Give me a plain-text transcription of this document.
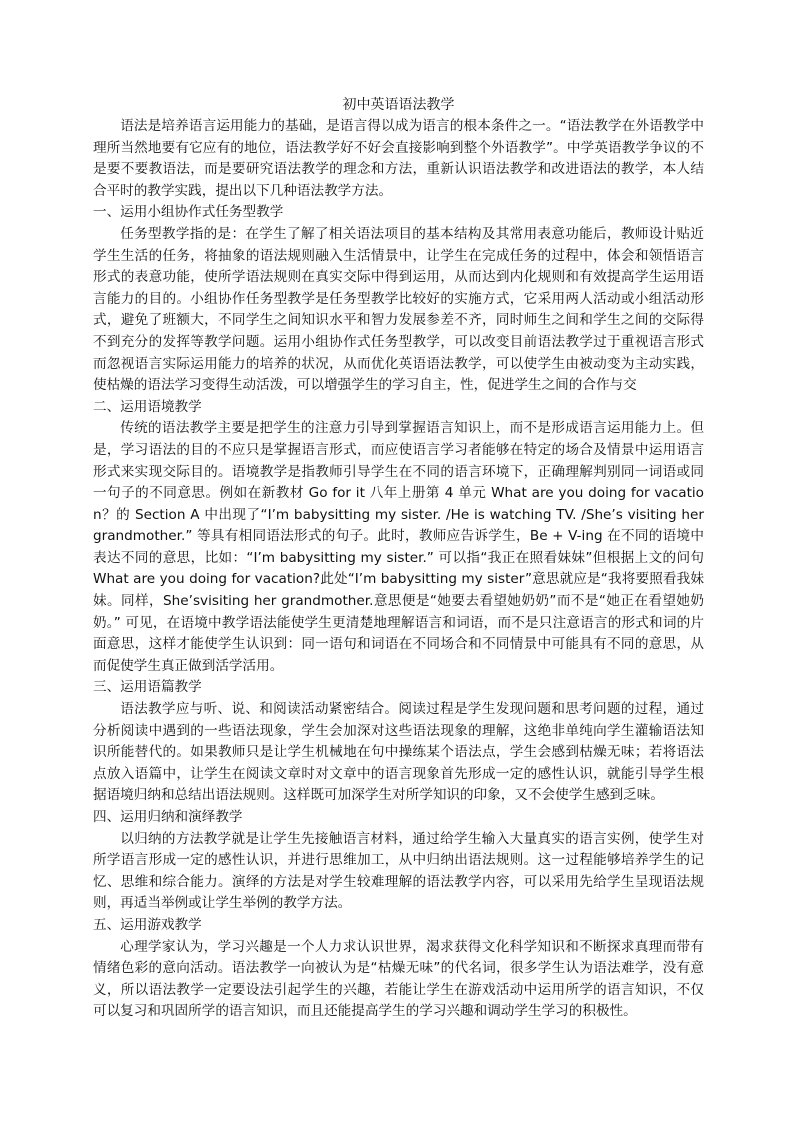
初中英语语法教学

语法是培养语言运用能力的基础，是语言得以成为语言的根本条件之一。“语法教学在外语教学中理所当然地要有它应有的地位，语法教学好不好会直接影响到整个外语教学”。中学英语教学争议的不是要不要教语法，而是要研究语法教学的理念和方法，重新认识语法教学和改进语法的教学，本人结合平时的教学实践，提出以下几种语法教学方法。

一、运用小组协作式任务型教学

任务型教学指的是：在学生了解了相关语法项目的基本结构及其常用表意功能后，教师设计贴近学生生活的任务，将抽象的语法规则融入生活情景中，让学生在完成任务的过程中，体会和领悟语言形式的表意功能，使所学语法规则在真实交际中得到运用，从而达到内化规则和有效提高学生运用语言能力的目的。小组协作任务型教学是任务型教学比较好的实施方式，它采用两人活动或小组活动形式，避免了班额大，不同学生之间知识水平和智力发展参差不齐，同时师生之间和学生之间的交际得不到充分的发挥等教学问题。运用小组协作式任务型教学，可以改变目前语法教学过于重视语言形式而忽视语言实际运用能力的培养的状况，从而优化英语语法教学，可以使学生由被动变为主动实践，使枯燥的语法学习变得生动活泼，可以增强学生的学习自主，性，促进学生之间的合作与交

二、运用语境教学

传统的语法教学主要是把学生的注意力引导到掌握语言知识上，而不是形成语言运用能力上。但是，学习语法的目的不应只是掌握语言形式，而应使语言学习者能够在特定的场合及情景中运用语言形式来实现交际目的。语境教学是指教师引导学生在不同的语言环境下，正确理解判别同一词语或同一句子的不同意思。例如在新教材 Go for it 八年上册第 4 单元 What are you doing for vacation？的 Section A 中出现了“I’m babysitting my sister. /He is watching TV. /She’s visiting her grandmother.” 等具有相同语法形式的句子。此时，教师应告诉学生，Be + V-ing 在不同的语境中表达不同的意思，比如：“I’m babysitting my sister.” 可以指“我正在照看妹妹”但根据上文的问句 What are you doing for vacation?此处“I’m babysitting my sister”意思就应是“我将要照看我妹妹。同样，She’svisiting her grandmother.意思便是“她要去看望她奶奶”而不是“她正在看望她奶奶。” 可见，在语境中教学语法能使学生更清楚地理解语言和词语，而不是只注意语言的形式和词的片面意思，这样才能使学生认识到：同一语句和词语在不同场合和不同情景中可能具有不同的意思，从而促使学生真正做到活学活用。

三、运用语篇教学

语法教学应与听、说、和阅读活动紧密结合。阅读过程是学生发现问题和思考问题的过程，通过分析阅读中遇到的一些语法现象，学生会加深对这些语法现象的理解，这绝非单纯向学生灌输语法知识所能替代的。如果教师只是让学生机械地在句中操练某个语法点，学生会感到枯燥无味；若将语法点放入语篇中，让学生在阅读文章时对文章中的语言现象首先形成一定的感性认识，就能引导学生根据语境归纳和总结出语法规则。这样既可加深学生对所学知识的印象，又不会使学生感到乏味。

四、运用归纳和演绎教学

以归纳的方法教学就是让学生先接触语言材料，通过给学生输入大量真实的语言实例，使学生对所学语言形成一定的感性认识，并进行思维加工，从中归纳出语法规则。这一过程能够培养学生的记忆、思维和综合能力。演绎的方法是对学生较难理解的语法教学内容，可以采用先给学生呈现语法规则，再适当举例或让学生举例的教学方法。

五、运用游戏教学

心理学家认为，学习兴趣是一个人力求认识世界，渴求获得文化科学知识和不断探求真理而带有情绪色彩的意向活动。语法教学一向被认为是“枯燥无味”的代名词，很多学生认为语法难学，没有意义，所以语法教学一定要设法引起学生的兴趣，若能让学生在游戏活动中运用所学的语言知识，不仅可以复习和巩固所学的语言知识，而且还能提高学生的学习兴趣和调动学生学习的积极性。
